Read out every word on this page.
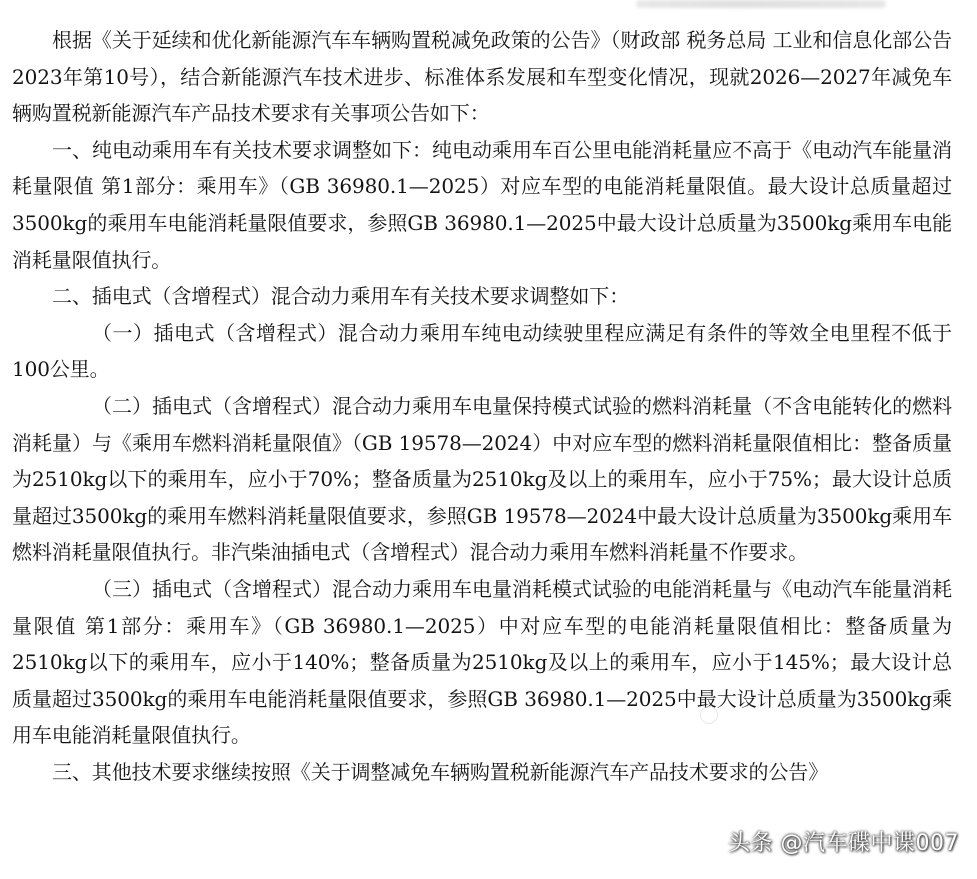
根据《关于延续和优化新能源汽车车辆购置税减免政策的公告》（财政部 税务总局 工业和信息化部公告2023年第10号），结合新能源汽车技术进步、标准体系发展和车型变化情况，现就2026—2027年减免车辆购置税新能源汽车产品技术要求有关事项公告如下：

一、纯电动乘用车有关技术要求调整如下：纯电动乘用车百公里电能消耗量应不高于《电动汽车能量消耗量限值 第1部分：乘用车》（GB 36980.1—2025）对应车型的电能消耗量限值。最大设计总质量超过3500kg的乘用车电能消耗量限值要求，参照GB 36980.1—2025中最大设计总质量为3500kg乘用车电能消耗量限值执行。

二、插电式（含增程式）混合动力乘用车有关技术要求调整如下：

（一）插电式（含增程式）混合动力乘用车纯电动续驶里程应满足有条件的等效全电里程不低于100公里。

（二）插电式（含增程式）混合动力乘用车电量保持模式试验的燃料消耗量（不含电能转化的燃料消耗量）与《乘用车燃料消耗量限值》（GB 19578—2024）中对应车型的燃料消耗量限值相比：整备质量为2510kg以下的乘用车，应小于70%；整备质量为2510kg及以上的乘用车，应小于75%；最大设计总质量超过3500kg的乘用车燃料消耗量限值要求，参照GB 19578—2024中最大设计总质量为3500kg乘用车燃料消耗量限值执行。非汽柴油插电式（含增程式）混合动力乘用车燃料消耗量不作要求。

（三）插电式（含增程式）混合动力乘用车电量消耗模式试验的电能消耗量与《电动汽车能量消耗量限值 第1部分：乘用车》（GB 36980.1—2025）中对应车型的电能消耗量限值相比：整备质量为2510kg以下的乘用车，应小于140%；整备质量为2510kg及以上的乘用车，应小于145%；最大设计总质量超过3500kg的乘用车电能消耗量限值要求，参照GB 36980.1—2025中最大设计总质量为3500kg乘用车电能消耗量限值执行。

三、其他技术要求继续按照《关于调整减免车辆购置税新能源汽车产品技术要求的公告》

头条 @汽车碟中谍007
